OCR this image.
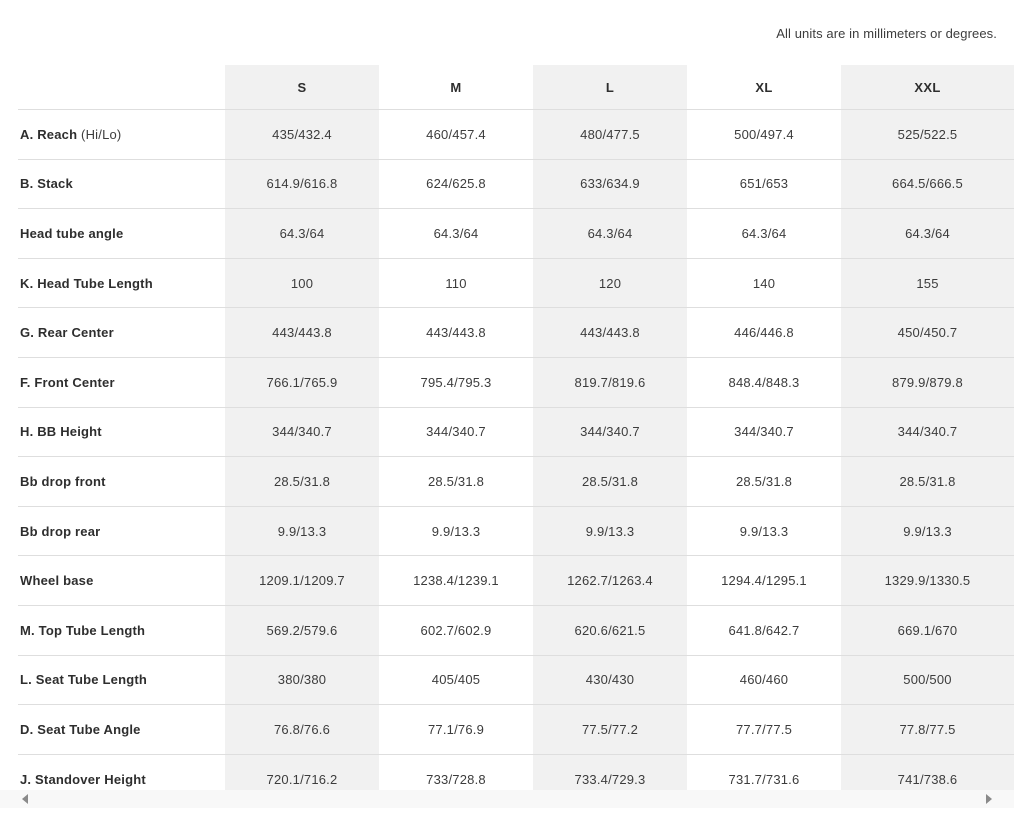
All units are in millimeters or degrees.
	S	M	L	XL	XXL
A. Reach (Hi/Lo)	435/432.4	460/457.4	480/477.5	500/497.4	525/522.5
B. Stack	614.9/616.8	624/625.8	633/634.9	651/653	664.5/666.5
Head tube angle	64.3/64	64.3/64	64.3/64	64.3/64	64.3/64
K. Head Tube Length	100	110	120	140	155
G. Rear Center	443/443.8	443/443.8	443/443.8	446/446.8	450/450.7
F. Front Center	766.1/765.9	795.4/795.3	819.7/819.6	848.4/848.3	879.9/879.8
H. BB Height	344/340.7	344/340.7	344/340.7	344/340.7	344/340.7
Bb drop front	28.5/31.8	28.5/31.8	28.5/31.8	28.5/31.8	28.5/31.8
Bb drop rear	9.9/13.3	9.9/13.3	9.9/13.3	9.9/13.3	9.9/13.3
Wheel base	1209.1/1209.7	1238.4/1239.1	1262.7/1263.4	1294.4/1295.1	1329.9/1330.5
M. Top Tube Length	569.2/579.6	602.7/602.9	620.6/621.5	641.8/642.7	669.1/670
L. Seat Tube Length	380/380	405/405	430/430	460/460	500/500
D. Seat Tube Angle	76.8/76.6	77.1/76.9	77.5/77.2	77.7/77.5	77.8/77.5
J. Standover Height	720.1/716.2	733/728.8	733.4/729.3	731.7/731.6	741/738.6
